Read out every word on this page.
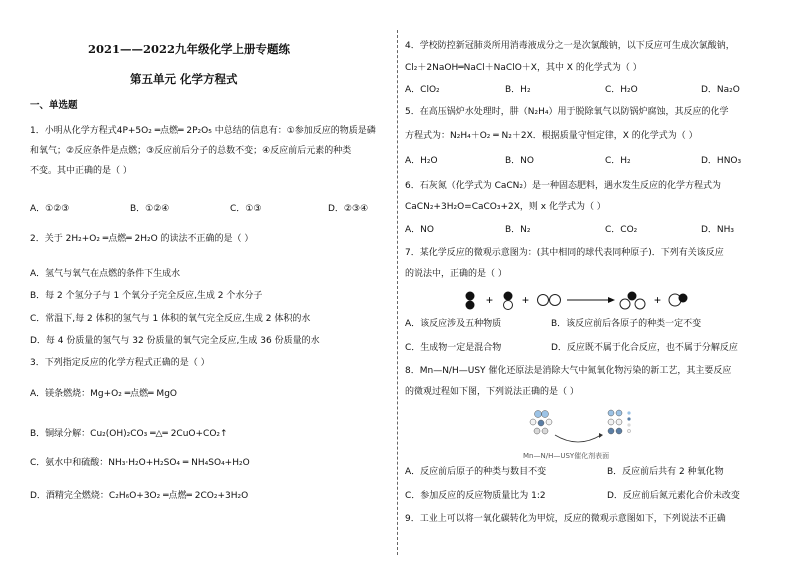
2021——2022九年级化学上册专题练
第五单元 化学方程式
一、单选题
1．小明从化学方程式4P+5O₂ ═点燃═ 2P₂O₅ 中总结的信息有：①参加反应的物质是磷
和氧气；②反应条件是点燃；③反应前后分子的总数不变；④反应前后元素的种类
不变。其中正确的是（ ）
A．①②③	B．①②④	C．①③	D．②③④
2．关于 2H₂+O₂ ═点燃═ 2H₂O 的读法不正确的是（ ）
A．氢气与氧气在点燃的条件下生成水
B．每 2 个氢分子与 1 个氧分子完全反应,生成 2 个水分子
C．常温下,每 2 体积的氢气与 1 体积的氧气完全反应,生成 2 体积的水
D．每 4 份质量的氢气与 32 份质量的氧气完全反应,生成 36 份质量的水
3．下列指定反应的化学方程式正确的是（ ）
A．镁条燃烧：Mg+O₂ ═点燃═ MgO
B．铜绿分解：Cu₂(OH)₂CO₃ ═△═ 2CuO+CO₂↑
C．氨水中和硫酸：NH₃·H₂O+H₂SO₄ ═ NH₄SO₄+H₂O
D．酒精完全燃烧：C₂H₆O+3O₂ ═点燃═ 2CO₂+3H₂O
4．学校防控新冠肺炎所用消毒液成分之一是次氯酸钠，以下反应可生成次氯酸钠，
Cl₂＋2NaOH═NaCl＋NaClO＋X，其中 X 的化学式为（ ）
A．ClO₂	B．H₂	C．H₂O	D．Na₂O
5．在高压锅炉水处理时，肼（N₂H₄）用于脱除氧气以防锅炉腐蚀，其反应的化学
方程式为：N₂H₄＋O₂ ═ N₂＋2X．根据质量守恒定律，X 的化学式为（ ）
A．H₂O	B．NO	C．H₂	D．HNO₃
6．石灰氮（化学式为 CaCN₂）是一种固态肥料，遇水发生反应的化学方程式为
CaCN₂+3H₂O=CaCO₃+2X，则 x 化学式为（ ）
A．NO	B．N₂	C．CO₂	D．NH₃
7．某化学反应的微观示意图为：(其中相同的球代表同种原子)．下列有关该反应
的说法中，正确的是（ ）
+ +	+
A．该反应涉及五种物质	B．该反应前后各原子的种类一定不变
C．生成物一定是混合物	D．反应既不属于化合反应，也不属于分解反应
8．Mn—N/H—USY 催化还原法是消除大气中氮氧化物污染的新工艺，其主要反应
的微观过程如下图，下列说法正确的是（ ）
Mn—N/H—USY催化剂表面
A．反应前后原子的种类与数目不变	B．反应前后共有 2 种氧化物
C．参加反应的反应物质量比为 1:2	D．反应前后氮元素化合价未改变
9．工业上可以将一氧化碳转化为甲烷，反应的微观示意图如下，下列说法不正确
